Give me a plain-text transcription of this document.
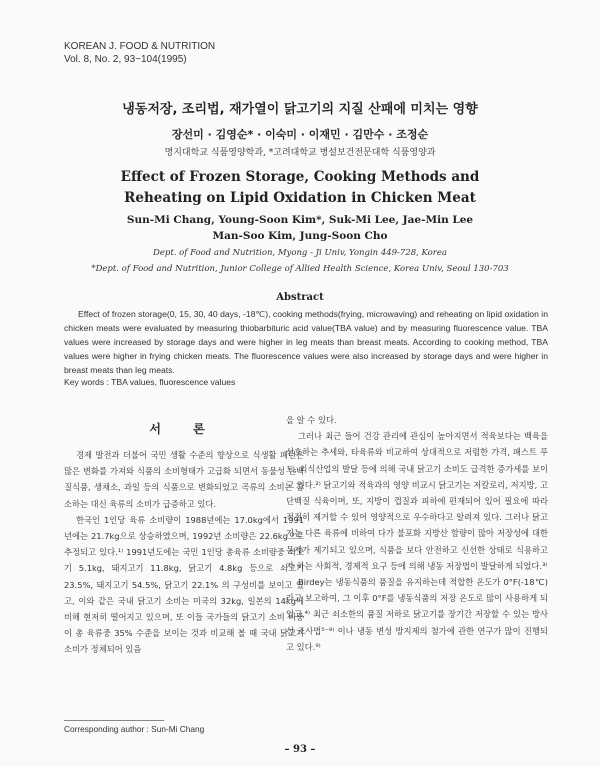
KOREAN J. FOOD & NUTRITION
Vol. 8, No. 2, 93~104(1995)
냉동저장, 조리법, 재가열이 닭고기의 지질 산패에 미치는 영향
장선미 · 김영순* · 이숙미 · 이재민 · 김만수 · 조정순
명지대학교 식품영양학과, *고려대학교 병설보건전문대학 식품영양과
Effect of Frozen Storage, Cooking Methods and
Reheating on Lipid Oxidation in Chicken Meat
Sun-Mi Chang, Young-Soon Kim*, Suk-Mi Lee, Jae-Min Lee
Man-Soo Kim, Jung-Soon Cho
Dept. of Food and Nutrition, Myong - Ji Univ, Yongin 449-728, Korea
*Dept. of Food and Nutrition, Junior College of Allied Health Science, Korea Univ, Seoul 130-703
Abstract
Effect of frozen storage(0, 15, 30, 40 days, -18℃), cooking methods(frying, microwaving) and reheating on lipid oxidation in chicken meats were evaluated by measuring thiobarbituric acid value(TBA value) and by measuring fluorescence value. TBA values were increased by storage days and were higher in leg meats than breast meats. According to cooking method, TBA values were higher in frying chicken meats. The fluorescence values were also increased by storage days and were higher in breast meats than leg meats.
Key words : TBA values, fluorescence values
서 론

경제 발전과 더불어 국민 생활 수준의 향상으로 식생활 패턴은 많은 변화를 가져와 식품의 소비형태가 고급화 되면서 동물성 단백질식품, 생채소, 과일 등의 식품으로 변화되었고 곡류의 소비는 감소하는 대신 육류의 소비가 급증하고 있다.

한국인 1인당 육류 소비량이 1988년에는 17.0kg에서 1991년에는 21.7kg으로 상승하였으며, 1992년 소비량은 22.6kg으로 추정되고 있다.¹⁾ 1991년도에는 국민 1인당 총육류 소비량중 쇠고기 5.1kg, 돼지고기 11.8kg, 닭고기 4.8kg 등으로 쇠고기 23.5%, 돼지고기 54.5%, 닭고기 22.1% 의 구성비를 보이고 있고, 이와 같은 국내 닭고기 소비는 미국의 32kg, 일본의 14kg에 비해 현저히 떨어지고 있으며, 또 이들 국가들의 닭고기 소비 비중이 총 육류중 35% 수준을 보이는 것과 비교해 볼 때 국내 닭고기 소비가 정체되어 있음

을 알 수 있다.

그러나 최근 들어 건강 관리에 관심이 높아지면서 적육보다는 백육을 선호하는 추세와, 타육류와 비교하여 상대적으로 저렴한 가격, 패스트 푸드, 외식산업의 발달 등에 의해 국내 닭고기 소비도 급격한 증가세를 보이고 있다.²⁾ 닭고기와 적육과의 영양 비교시 닭고기는 저칼로리, 저지방, 고단백질 식육이며, 또, 지방이 껍질과 피하에 편재되어 있어 필요에 따라 적절히 제거할 수 있어 영양적으로 우수하다고 알려져 있다. 그러나 닭고기는 다른 육류에 비하여 다가 불포화 지방산 함량이 많아 저장성에 대한 문제가 제기되고 있으며, 식품을 보다 안전하고 신선한 상태로 식용하고자 하는 사회적, 경제적 요구 등에 의해 냉동 저장법이 발달하게 되었다.³⁾

Birdey는 냉동식품의 품질을 유지하는데 적합한 온도가 0°F(-18℃)라고 보고하여, 그 이후 0°F를 냉동식품의 저장 온도로 많이 사용하게 되었고,⁴⁾ 최근 쇠소한의 품질 저하로 닭고기를 장기간 저장할 수 있는 방사선 조사법⁵⁻⁸⁾ 이나 냉동 변성 방지제의 첨가에 관한 연구가 많이 진행되고 있다.⁹⁾

Corresponding author : Sun-Mi Chang
– 93 –
